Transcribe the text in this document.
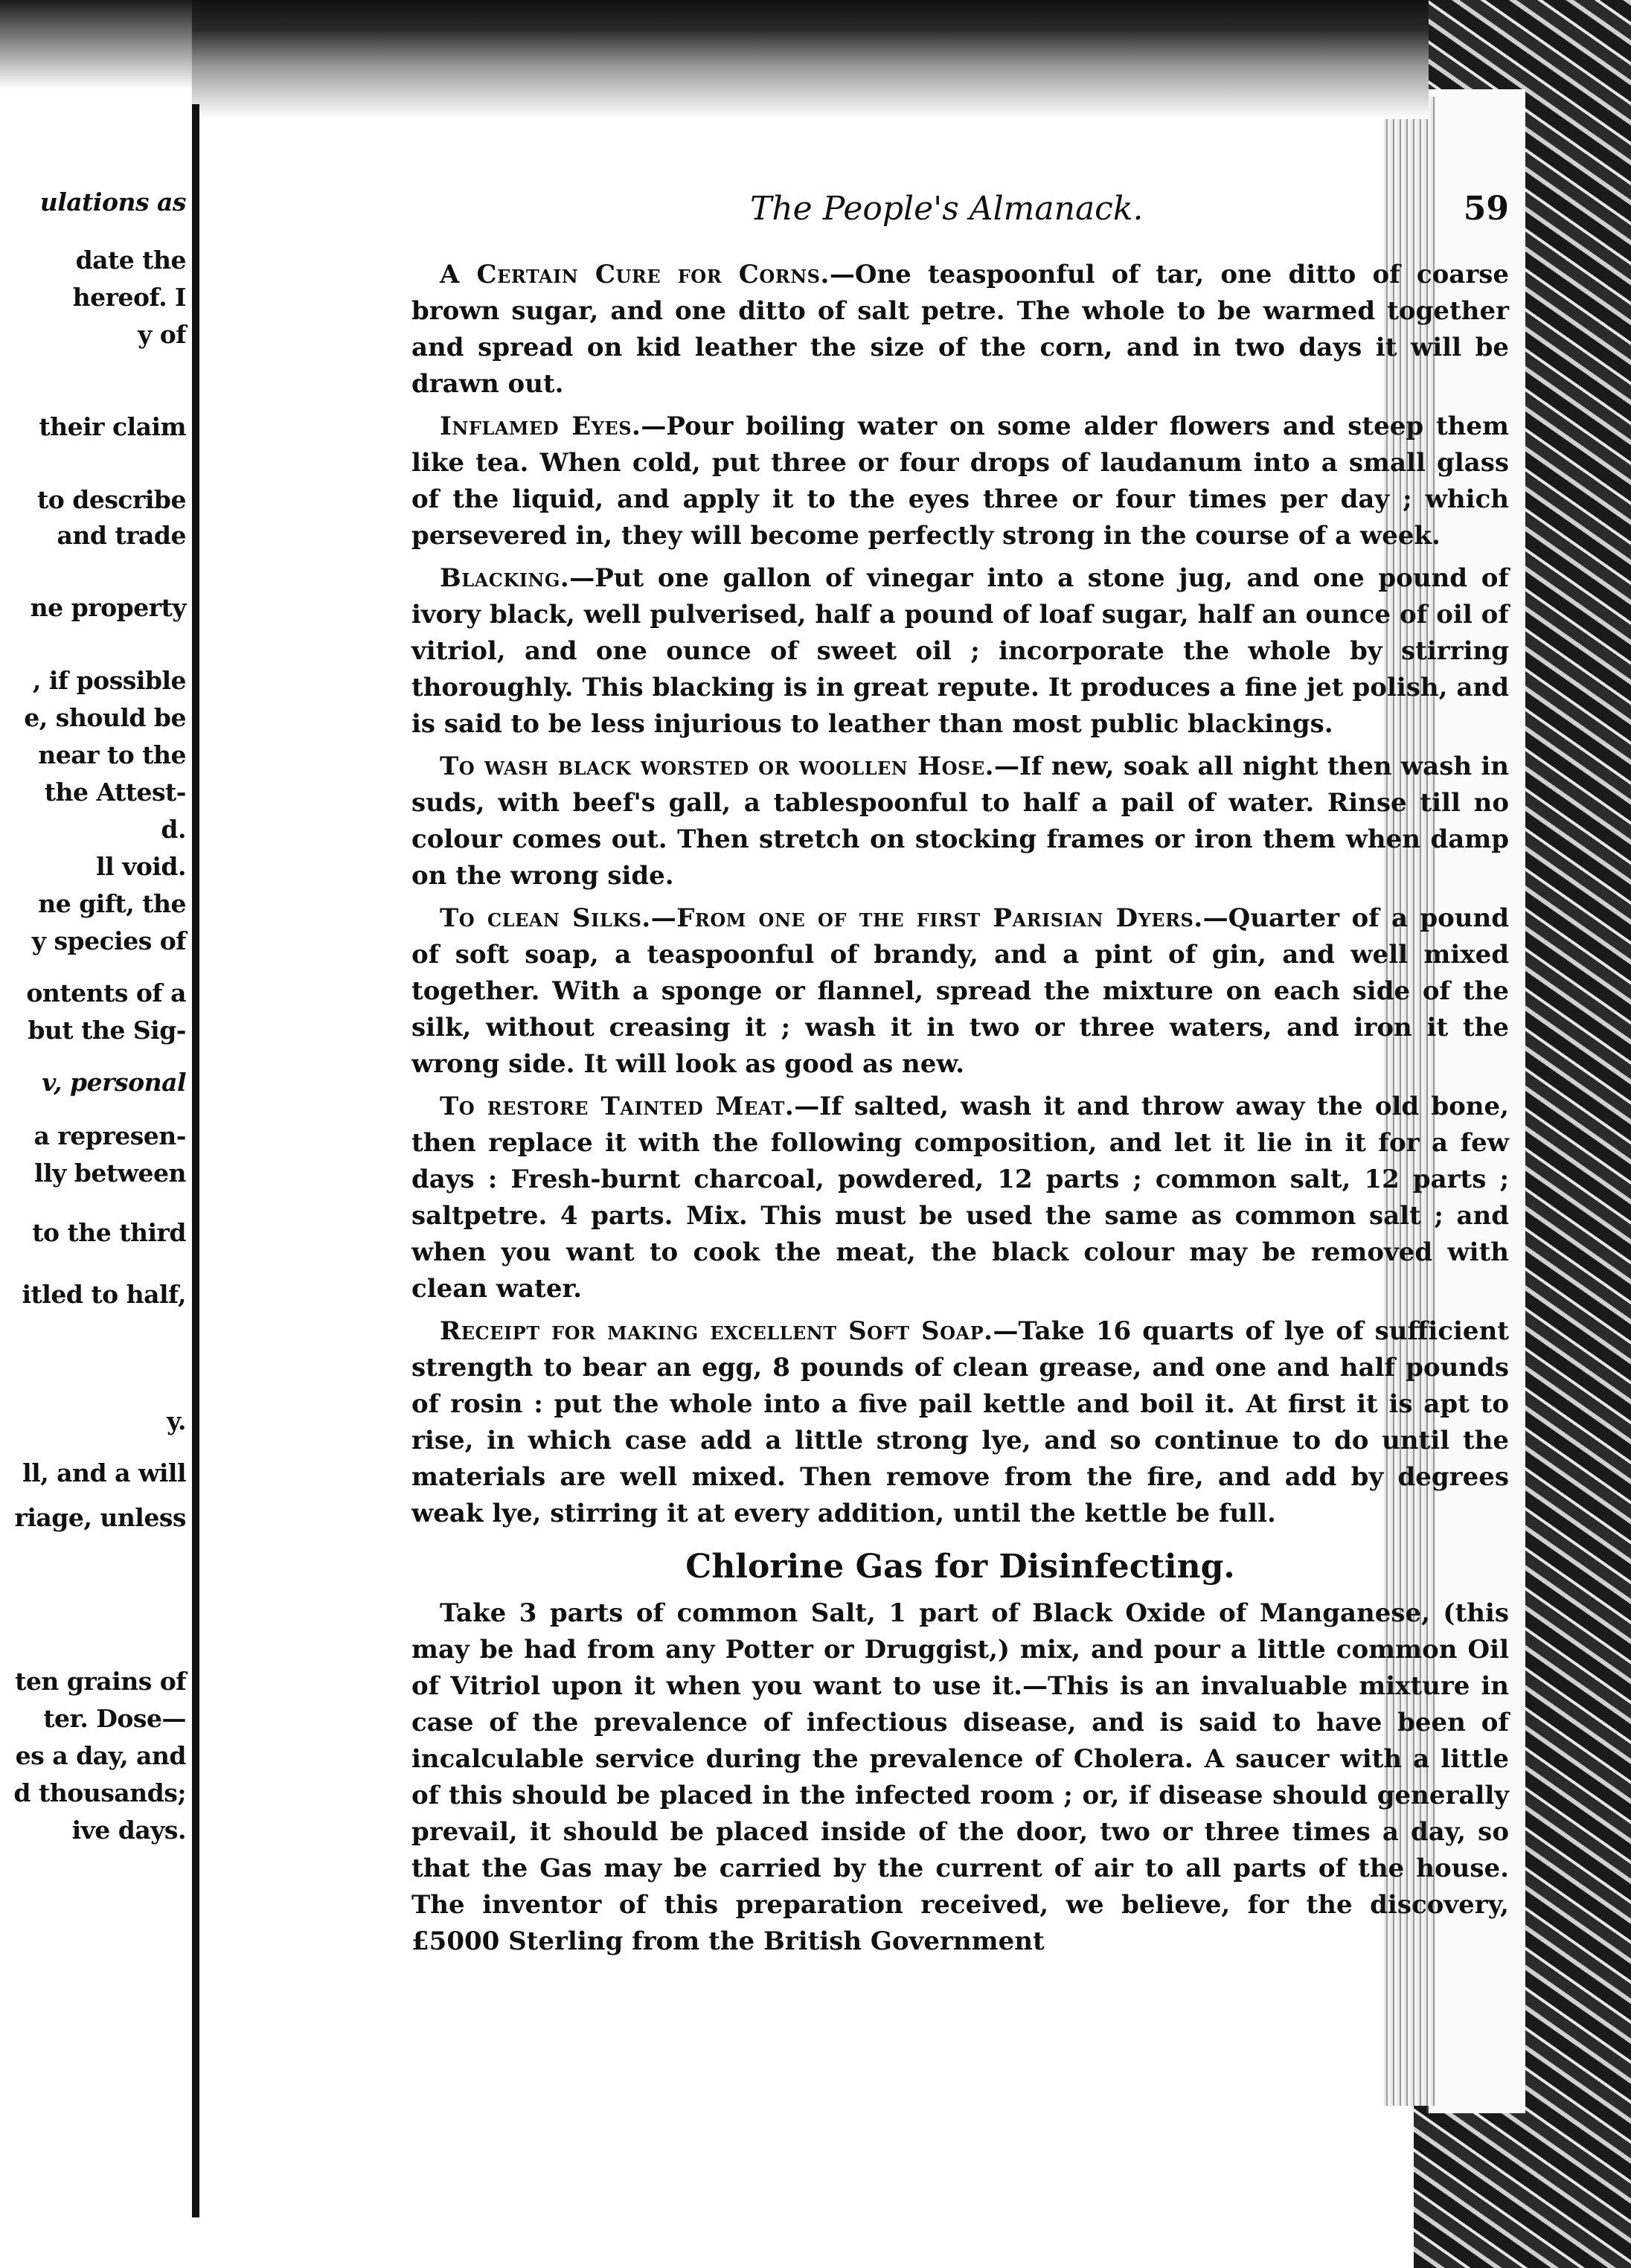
ulations as
date the
hereof. I
y of
their claim
to describe
and trade
ne property
, if possible
e, should be
near to the
the Attest-
d.
ll void.
ne gift, the
y species of
ontents of a
but the Sig-
v, personal
a represen-
lly between
to the third
itled to half,
y.
ll, and a will
riage, unless
ten grains of
ter. Dose—
es a day, and
d thousands;
ive days.
The People's Almanack.	59

A Certain Cure for Corns.—One teaspoonful of tar, one ditto of coarse brown sugar, and one ditto of salt petre. The whole to be warmed together and spread on kid leather the size of the corn, and in two days it will be drawn out.

Inflamed Eyes.—Pour boiling water on some alder flowers and steep them like tea. When cold, put three or four drops of laudanum into a small glass of the liquid, and apply it to the eyes three or four times per day ; which persevered in, they will become perfectly strong in the course of a week.

Blacking.—Put one gallon of vinegar into a stone jug, and one pound of ivory black, well pulverised, half a pound of loaf sugar, half an ounce of oil of vitriol, and one ounce of sweet oil ; incorporate the whole by stirring thoroughly. This blacking is in great repute. It produces a fine jet polish, and is said to be less injurious to leather than most public blackings.

To wash black worsted or woollen Hose.—If new, soak all night then wash in suds, with beef's gall, a tablespoonful to half a pail of water. Rinse till no colour comes out. Then stretch on stocking frames or iron them when damp on the wrong side.

To clean Silks.—From one of the first Parisian Dyers.—Quarter of a pound of soft soap, a teaspoonful of brandy, and a pint of gin, and well mixed together. With a sponge or flannel, spread the mixture on each side of the silk, without creasing it ; wash it in two or three waters, and iron it the wrong side. It will look as good as new.

To restore Tainted Meat.—If salted, wash it and throw away the old bone, then replace it with the following composition, and let it lie in it for a few days : Fresh-burnt charcoal, powdered, 12 parts ; common salt, 12 parts ; saltpetre. 4 parts. Mix. This must be used the same as common salt ; and when you want to cook the meat, the black colour may be removed with clean water.

Receipt for making excellent Soft Soap.—Take 16 quarts of lye of sufficient strength to bear an egg, 8 pounds of clean grease, and one and half pounds of rosin : put the whole into a five pail kettle and boil it. At first it is apt to rise, in which case add a little strong lye, and so continue to do until the materials are well mixed. Then remove from the fire, and add by degrees weak lye, stirring it at every addition, until the kettle be full.

Chlorine Gas for Disinfecting.

Take 3 parts of common Salt, 1 part of Black Oxide of Manganese, (this may be had from any Potter or Druggist,) mix, and pour a little common Oil of Vitriol upon it when you want to use it.—This is an invaluable mixture in case of the prevalence of infectious disease, and is said to have been of incalculable service during the prevalence of Cholera. A saucer with a little of this should be placed in the infected room ; or, if disease should generally prevail, it should be placed inside of the door, two or three times a day, so that the Gas may be carried by the current of air to all parts of the house. The inventor of this preparation received, we believe, for the discovery, £5000 Sterling from the British Government
